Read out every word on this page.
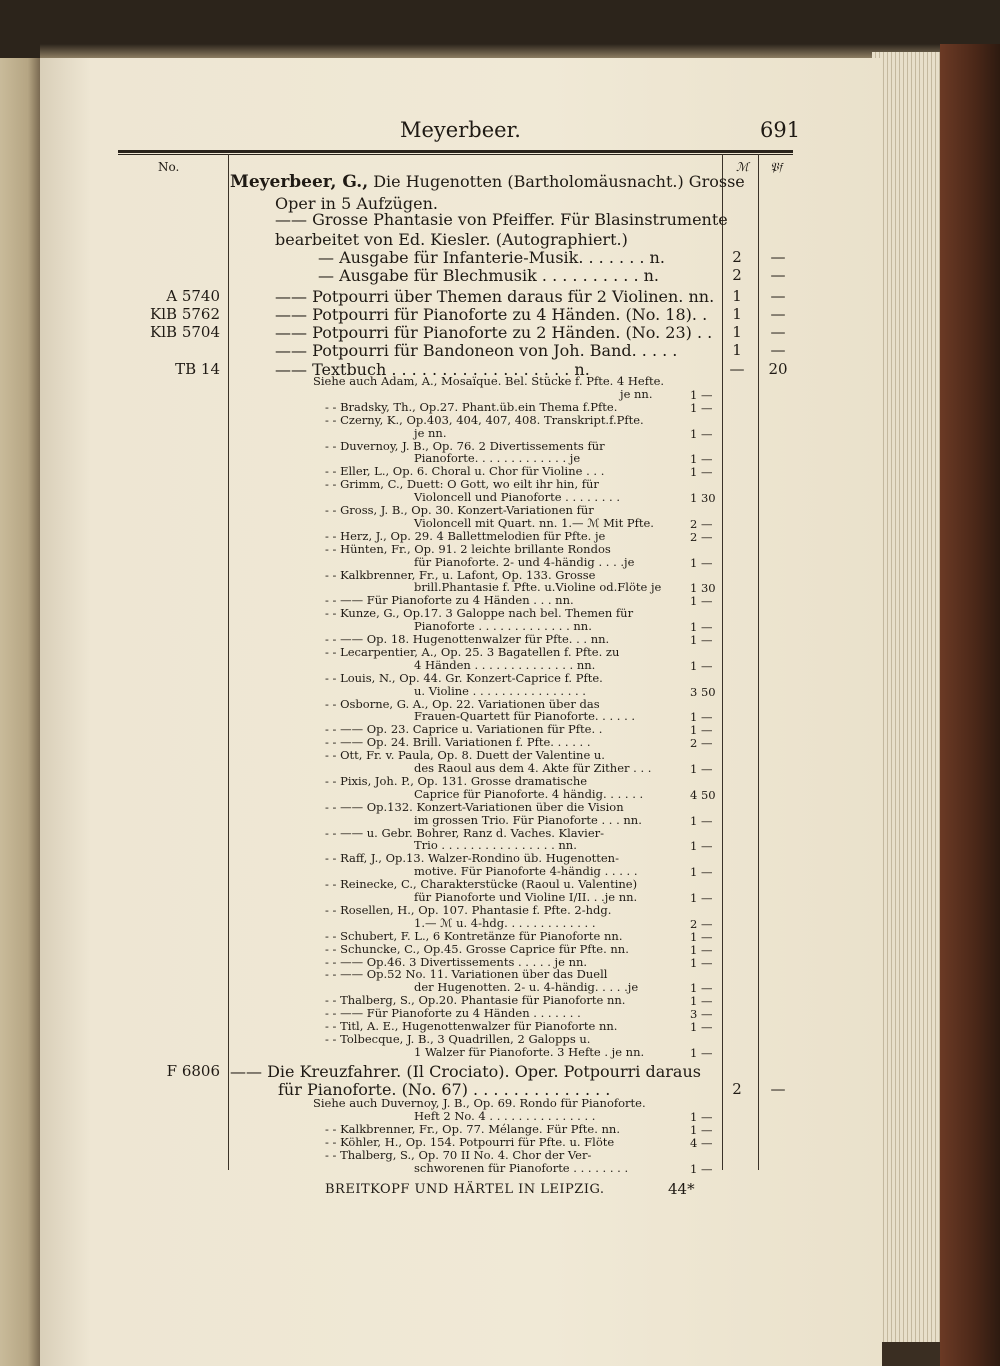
Meyerbeer.	691
No.	ℳ 𝔓𝔣
Meyerbeer, G., Die Hugenotten (Bartholomäusnacht.) Grosse
Oper in 5 Aufzügen.
—— Grosse Phantasie von Pfeiffer. Für Blasinstrumente
bearbeitet von Ed. Kiesler. (Autographiert.)
— Ausgabe für Infanterie-Musik. . . . . . . n.	2	—
— Ausgabe für Blechmusik . . . . . . . . . . n.	2	—
A 5740	—— Potpourri über Themen daraus für 2 Violinen. nn.	1	—
KlB 5762	—— Potpourri für Pianoforte zu 4 Händen. (No. 18). .	1	—
KlB 5704	—— Potpourri für Pianoforte zu 2 Händen. (No. 23) . .	1	—
—— Potpourri für Bandoneon von Joh. Band. . . . .	1	—
TB 14	—— Textbuch . . . . . . . . . . . . . . . . . . n.	—	20
Siehe auch Adam, A., Mosaïque. Bel. Stücke f. Pfte. 4 Hefte.
je nn.	1 —
- - Bradsky, Th., Op.27. Phant.üb.ein Thema f.Pfte.	1 —
- - Czerny, K., Op.403, 404, 407, 408. Transkript.f.Pfte.
je nn.	1 —
- - Duvernoy, J. B., Op. 76. 2 Divertissements für
Pianoforte. . . . . . . . . . . . . je	1 —
- - Eller, L., Op. 6. Choral u. Chor für Violine . . .	1 —
- - Grimm, C., Duett: O Gott, wo eilt ihr hin, für
Violoncell und Pianoforte . . . . . . . .	1 30
- - Gross, J. B., Op. 30. Konzert-Variationen für
Violoncell mit Quart. nn. 1.— ℳ Mit Pfte.	2 —
- - Herz, J., Op. 29. 4 Ballettmelodien für Pfte. je	2 —
- - Hünten, Fr., Op. 91. 2 leichte brillante Rondos
für Pianoforte. 2- und 4-händig . . . .je	1 —
- - Kalkbrenner, Fr., u. Lafont, Op. 133. Grosse
brill.Phantasie f. Pfte. u.Violine od.Flöte je 1 30
- - —— Für Pianoforte zu 4 Händen . . . nn.	1 —
- - Kunze, G., Op.17. 3 Galoppe nach bel. Themen für
Pianoforte . . . . . . . . . . . . . nn.	1 —
- - —— Op. 18. Hugenottenwalzer für Pfte. . . nn.	1 —
- - Lecarpentier, A., Op. 25. 3 Bagatellen f. Pfte. zu
4 Händen . . . . . . . . . . . . . . nn.	1 —
- - Louis, N., Op. 44. Gr. Konzert-Caprice f. Pfte.
u. Violine . . . . . . . . . . . . . . . .	3 50
- - Osborne, G. A., Op. 22. Variationen über das
Frauen-Quartett für Pianoforte. . . . . .	1 —
- - —— Op. 23. Caprice u. Variationen für Pfte. .	1 —
- - —— Op. 24. Brill. Variationen f. Pfte. . . . . .	2 —
- - Ott, Fr. v. Paula, Op. 8. Duett der Valentine u.
des Raoul aus dem 4. Akte für Zither . . .	1 —
- - Pixis, Joh. P., Op. 131. Grosse dramatische
Caprice für Pianoforte. 4 händig. . . . . .	4 50
- - —— Op.132. Konzert-Variationen über die Vision
im grossen Trio. Für Pianoforte . . . nn.	1 —
- - —— u. Gebr. Bohrer, Ranz d. Vaches. Klavier-
Trio . . . . . . . . . . . . . . . . nn.	1 —
- - Raff, J., Op.13. Walzer-Rondino üb. Hugenotten-
motive. Für Pianoforte 4-händig . . . . .	1 —
- - Reinecke, C., Charakterstücke (Raoul u. Valentine)
für Pianoforte und Violine I/II. . .je nn.	1 —
- - Rosellen, H., Op. 107. Phantasie f. Pfte. 2-hdg.
1.— ℳ u. 4-hdg. . . . . . . . . . . . .	2 —
- - Schubert, F. L., 6 Kontretänze für Pianoforte nn.	1 —
- - Schuncke, C., Op.45. Grosse Caprice für Pfte. nn.	1 —
- - —— Op.46. 3 Divertissements . . . . . je nn.	1 —
- - —— Op.52 No. 11. Variationen über das Duell
der Hugenotten. 2- u. 4-händig. . . . .je	1 —
- - Thalberg, S., Op.20. Phantasie für Pianoforte nn.	1 —
- - —— Für Pianoforte zu 4 Händen . . . . . . .	3 —
- - Titl, A. E., Hugenottenwalzer für Pianoforte nn.	1 —
- - Tolbecque, J. B., 3 Quadrillen, 2 Galopps u.
1 Walzer für Pianoforte. 3 Hefte . je nn.	1 —
F 6806 —— Die Kreuzfahrer. (Il Crociato). Oper. Potpourri daraus
für Pianoforte. (No. 67) . . . . . . . . . . . . . .	2	—
Siehe auch Duvernoy, J. B., Op. 69. Rondo für Pianoforte.
Heft 2 No. 4 . . . . . . . . . . . . . . .	1 —
- - Kalkbrenner, Fr., Op. 77. Mélange. Für Pfte. nn.	1 —
- - Köhler, H., Op. 154. Potpourri für Pfte. u. Flöte	4 —
- - Thalberg, S., Op. 70 II No. 4. Chor der Ver-
schworenen für Pianoforte . . . . . . . .	1 —
BREITKOPF UND HÄRTEL IN LEIPZIG.	44*
